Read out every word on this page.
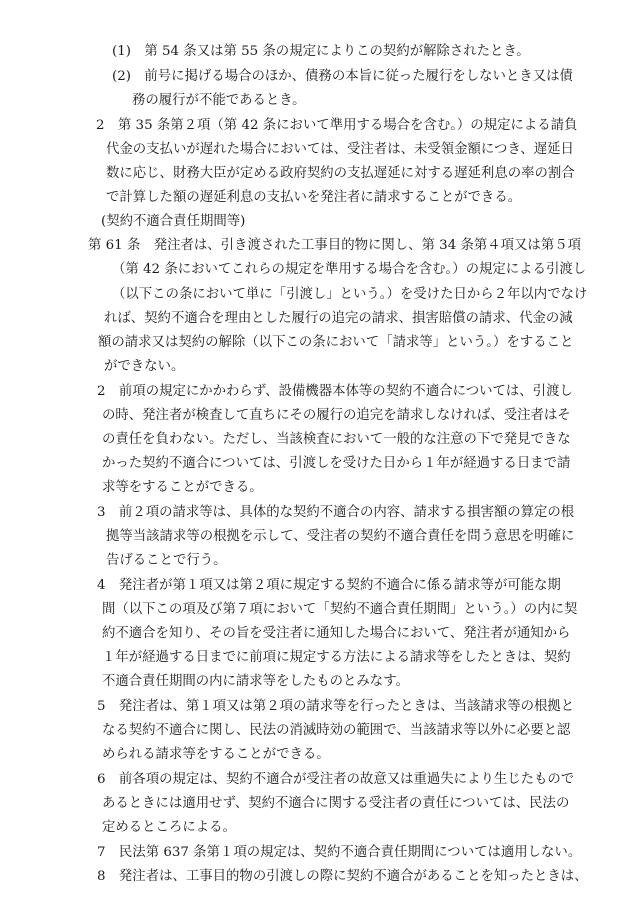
(1)　第 54 条又は第 55 条の規定によりこの契約が解除されたとき。
(2)　前号に掲げる場合のほか、債務の本旨に従った履行をしないとき又は債
務の履行が不能であるとき。
2　第 35 条第２項（第 42 条において準用する場合を含む。）の規定による請負
代金の支払いが遅れた場合においては、受注者は、未受領金額につき、遅延日
数に応じ、財務大臣が定める政府契約の支払遅延に対する遅延利息の率の割合
で計算した額の遅延利息の支払いを発注者に請求することができる。
(契約不適合責任期間等)
第 61 条　発注者は、引き渡された工事目的物に関し、第 34 条第４項又は第５項
（第 42 条においてこれらの規定を準用する場合を含む。）の規定による引渡し
（以下この条において単に「引渡し」という。）を受けた日から２年以内でなけ
れば、契約不適合を理由とした履行の追完の請求、損害賠償の請求、代金の減
額の請求又は契約の解除（以下この条において「請求等」という。）をすること
ができない。
2　前項の規定にかかわらず、設備機器本体等の契約不適合については、引渡し
の時、発注者が検査して直ちにその履行の追完を請求しなければ、受注者はそ
の責任を負わない。ただし、当該検査において一般的な注意の下で発見できな
かった契約不適合については、引渡しを受けた日から１年が経過する日まで請
求等をすることができる。
3　前２項の請求等は、具体的な契約不適合の内容、請求する損害額の算定の根
拠等当該請求等の根拠を示して、受注者の契約不適合責任を問う意思を明確に
告げることで行う。
4　発注者が第１項又は第２項に規定する契約不適合に係る請求等が可能な期
間（以下この項及び第７項において「契約不適合責任期間」という。）の内に契
約不適合を知り、その旨を受注者に通知した場合において、発注者が通知から
１年が経過する日までに前項に規定する方法による請求等をしたときは、契約
不適合責任期間の内に請求等をしたものとみなす。
5　発注者は、第１項又は第２項の請求等を行ったときは、当該請求等の根拠と
なる契約不適合に関し、民法の消滅時効の範囲で、当該請求等以外に必要と認
められる請求等をすることができる。
6　前各項の規定は、契約不適合が受注者の故意又は重過失により生じたもので
あるときには適用せず、契約不適合に関する受注者の責任については、民法の
定めるところによる。
7　民法第 637 条第１項の規定は、契約不適合責任期間については適用しない。
8　発注者は、工事目的物の引渡しの際に契約不適合があることを知ったときは、
